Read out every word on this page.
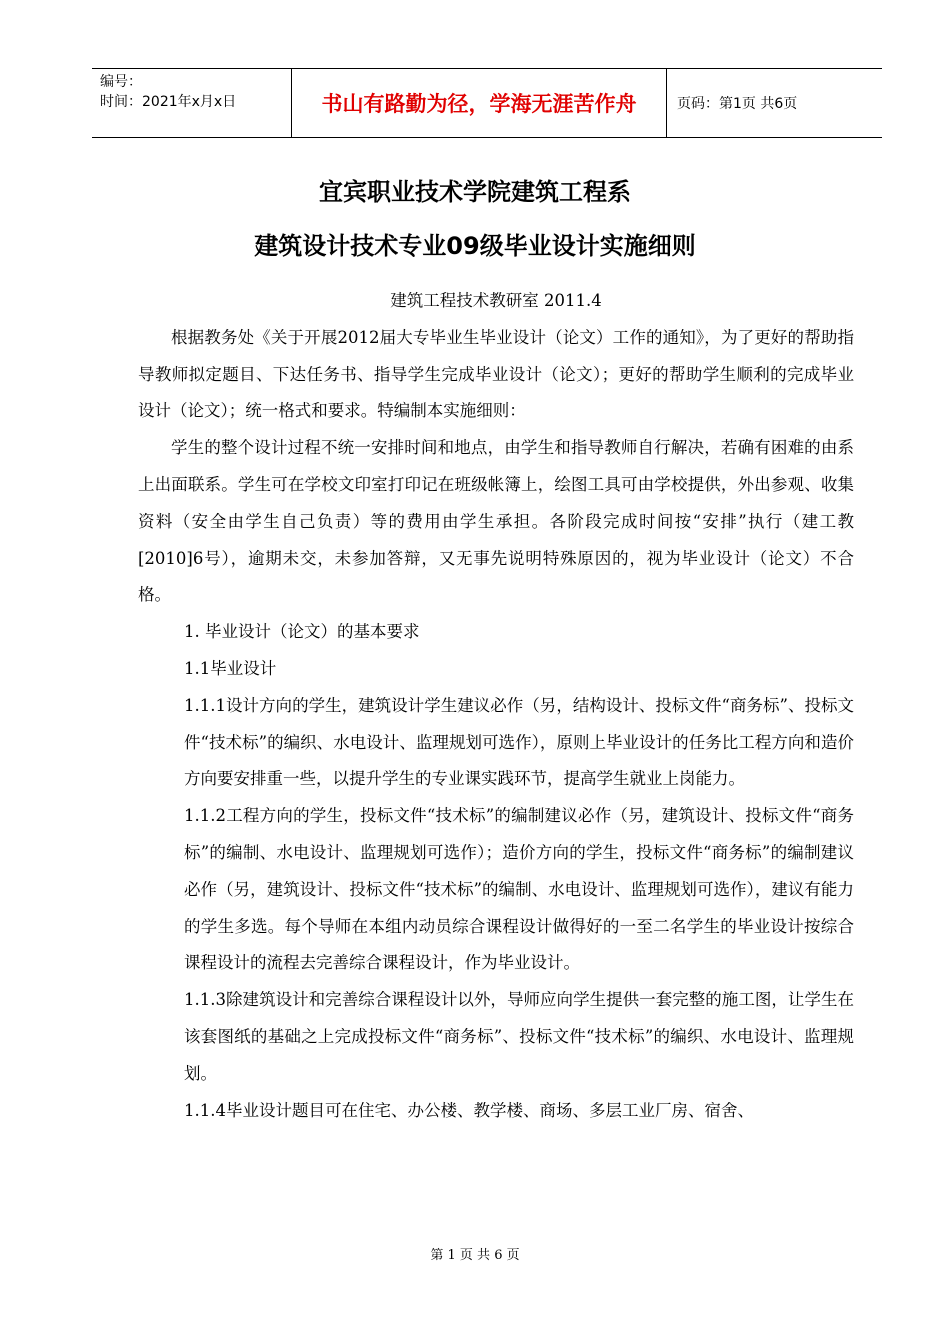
编号：
时间：2021年x月x日	书山有路勤为径，学海无涯苦作舟	页码：第1页 共6页
宜宾职业技术学院建筑工程系
建筑设计技术专业09级毕业设计实施细则

建筑工程技术教研室 2011.4

根据教务处《关于开展2012届大专毕业生毕业设计（论文）工作的通知》，为了更好的帮助指导教师拟定题目、下达任务书、指导学生完成毕业设计（论文）；更好的帮助学生顺利的完成毕业设计（论文）；统一格式和要求。特编制本实施细则：

学生的整个设计过程不统一安排时间和地点，由学生和指导教师自行解决，若确有困难的由系上出面联系。学生可在学校文印室打印记在班级帐簿上，绘图工具可由学校提供，外出参观、收集资料（安全由学生自己负责）等的费用由学生承担。各阶段完成时间按“安排”执行（建工教[2010]6号），逾期未交，未参加答辩，又无事先说明特殊原因的，视为毕业设计（论文）不合格。

1. 毕业设计（论文）的基本要求

1.1毕业设计

1.1.1设计方向的学生，建筑设计学生建议必作（另，结构设计、投标文件“商务标”、投标文件“技术标”的编织、水电设计、监理规划可选作），原则上毕业设计的任务比工程方向和造价方向要安排重一些，以提升学生的专业课实践环节，提高学生就业上岗能力。

1.1.2工程方向的学生，投标文件“技术标”的编制建议必作（另，建筑设计、投标文件“商务标”的编制、水电设计、监理规划可选作）；造价方向的学生，投标文件“商务标”的编制建议必作（另，建筑设计、投标文件“技术标”的编制、水电设计、监理规划可选作），建议有能力的学生多选。每个导师在本组内动员综合课程设计做得好的一至二名学生的毕业设计按综合课程设计的流程去完善综合课程设计，作为毕业设计。

1.1.3除建筑设计和完善综合课程设计以外，导师应向学生提供一套完整的施工图，让学生在该套图纸的基础之上完成投标文件“商务标”、投标文件“技术标”的编织、水电设计、监理规划。

1.1.4毕业设计题目可在住宅、办公楼、教学楼、商场、多层工业厂房、宿舍、

第 1 页 共 6 页
